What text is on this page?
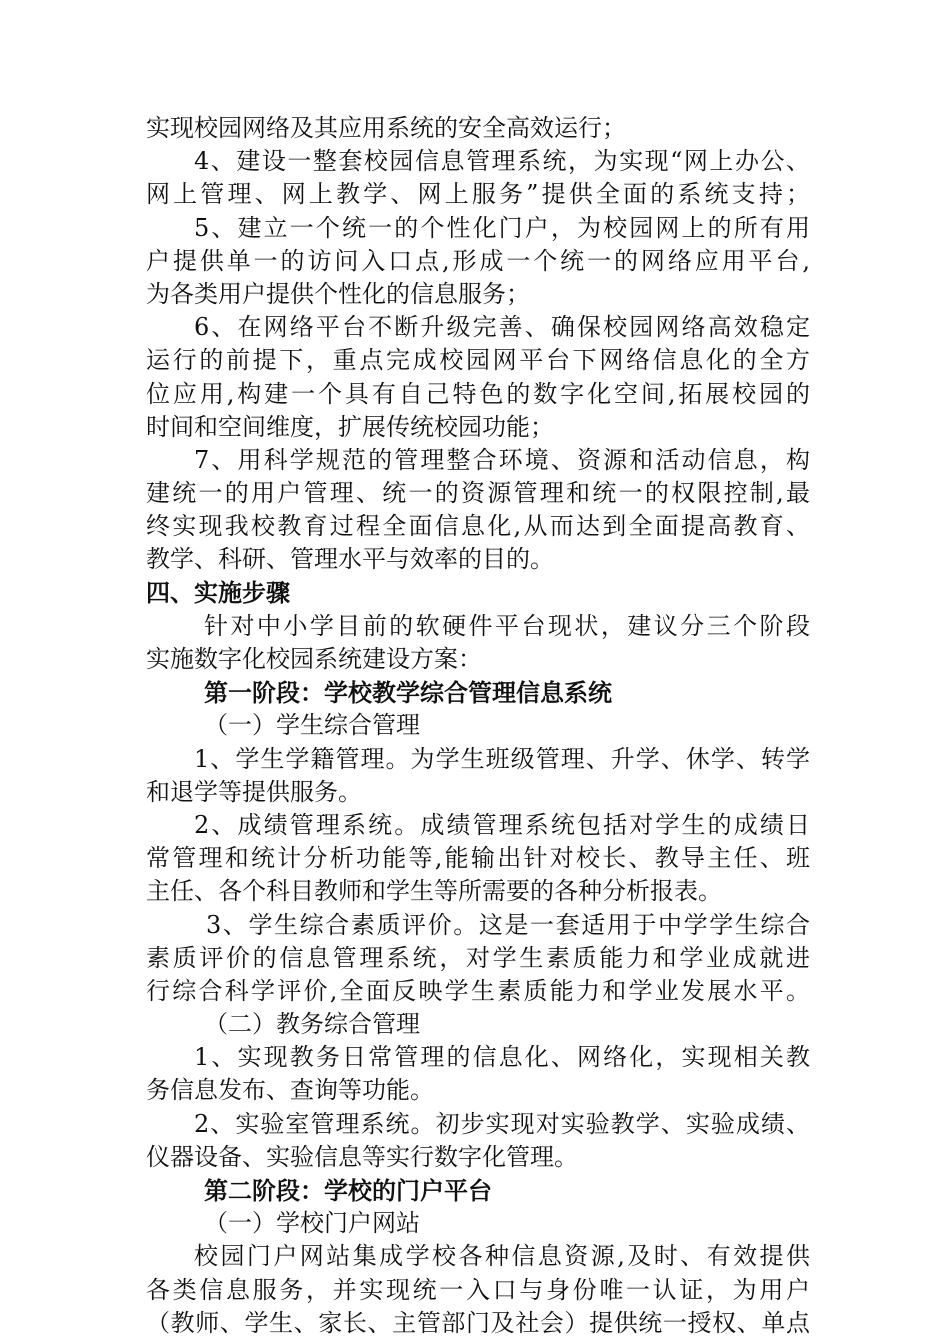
实现校园网络及其应用系统的安全高效运行；
4、建设一整套校园信息管理系统，为实现“网上办公、
网上管理、网上教学、网上服务”提供全面的系统支持；
5、建立一个统一的个性化门户，为校园网上的所有用
户提供单一的访问入口点,形成一个统一的网络应用平台,
为各类用户提供个性化的信息服务；
6、在网络平台不断升级完善、确保校园网络高效稳定
运行的前提下，重点完成校园网平台下网络信息化的全方
位应用,构建一个具有自己特色的数字化空间,拓展校园的
时间和空间维度，扩展传统校园功能；
7、用科学规范的管理整合环境、资源和活动信息，构
建统一的用户管理、统一的资源管理和统一的权限控制,最
终实现我校教育过程全面信息化,从而达到全面提高教育、
教学、科研、管理水平与效率的目的。
四、实施步骤
针对中小学目前的软硬件平台现状，建议分三个阶段
实施数字化校园系统建设方案：
第一阶段：学校教学综合管理信息系统
（一）学生综合管理
1、学生学籍管理。为学生班级管理、升学、休学、转学
和退学等提供服务。
2、成绩管理系统。成绩管理系统包括对学生的成绩日
常管理和统计分析功能等,能输出针对校长、教导主任、班
主任、各个科目教师和学生等所需要的各种分析报表。
3、学生综合素质评价。这是一套适用于中学学生综合
素质评价的信息管理系统，对学生素质能力和学业成就进
行综合科学评价,全面反映学生素质能力和学业发展水平。
（二）教务综合管理
1、实现教务日常管理的信息化、网络化，实现相关教
务信息发布、查询等功能。
2、实验室管理系统。初步实现对实验教学、实验成绩、
仪器设备、实验信息等实行数字化管理。
第二阶段：学校的门户平台
（一）学校门户网站
校园门户网站集成学校各种信息资源,及时、有效提供
各类信息服务，并实现统一入口与身份唯一认证，为用户
（教师、学生、家长、主管部门及社会）提供统一授权、单点
